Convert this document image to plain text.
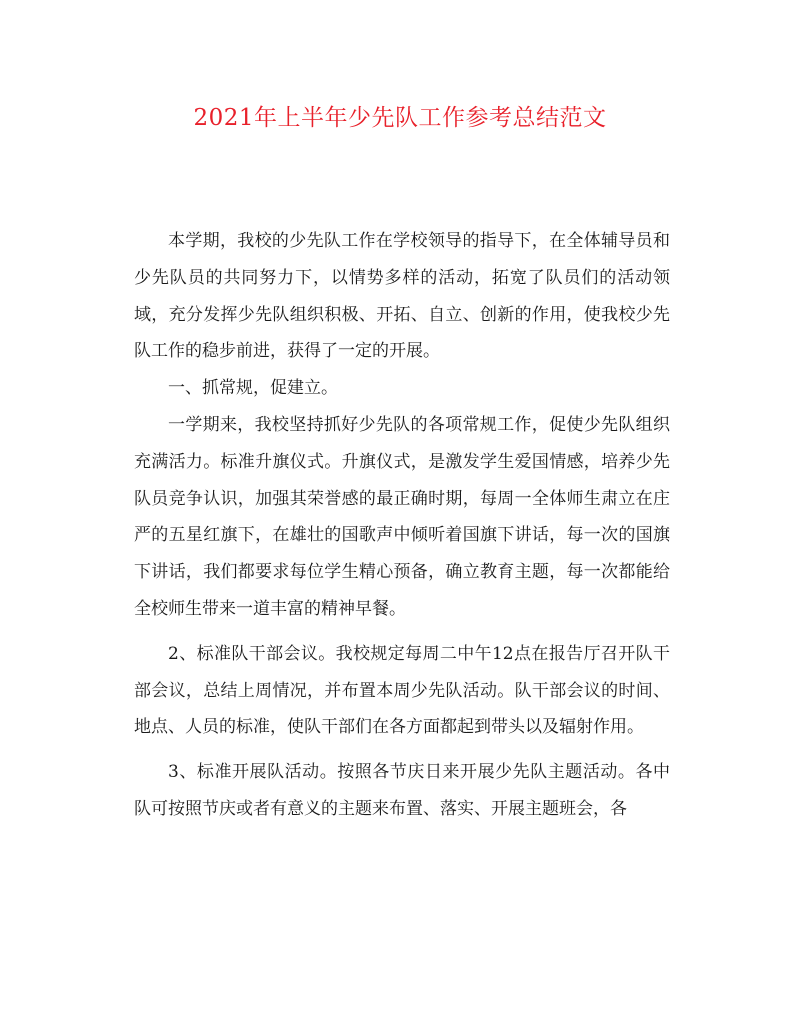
2021年上半年少先队工作参考总结范文

本学期，我校的少先队工作在学校领导的指导下，在全体辅导员和少先队员的共同努力下，以情势多样的活动，拓宽了队员们的活动领域，充分发挥少先队组织积极、开拓、自立、创新的作用，使我校少先队工作的稳步前进，获得了一定的开展。

一、抓常规，促建立。

一学期来，我校坚持抓好少先队的各项常规工作，促使少先队组织充满活力。标准升旗仪式。升旗仪式，是激发学生爱国情感，培养少先队员竞争认识，加强其荣誉感的最正确时期，每周一全体师生肃立在庄严的五星红旗下，在雄壮的国歌声中倾听着国旗下讲话，每一次的国旗下讲话，我们都要求每位学生精心预备，确立教育主题，每一次都能给全校师生带来一道丰富的精神早餐。

2、标准队干部会议。我校规定每周二中午12点在报告厅召开队干部会议，总结上周情况，并布置本周少先队活动。队干部会议的时间、地点、人员的标准，使队干部们在各方面都起到带头以及辐射作用。

3、标准开展队活动。按照各节庆日来开展少先队主题活动。各中队可按照节庆或者有意义的主题来布置、落实、开展主题班会，各
